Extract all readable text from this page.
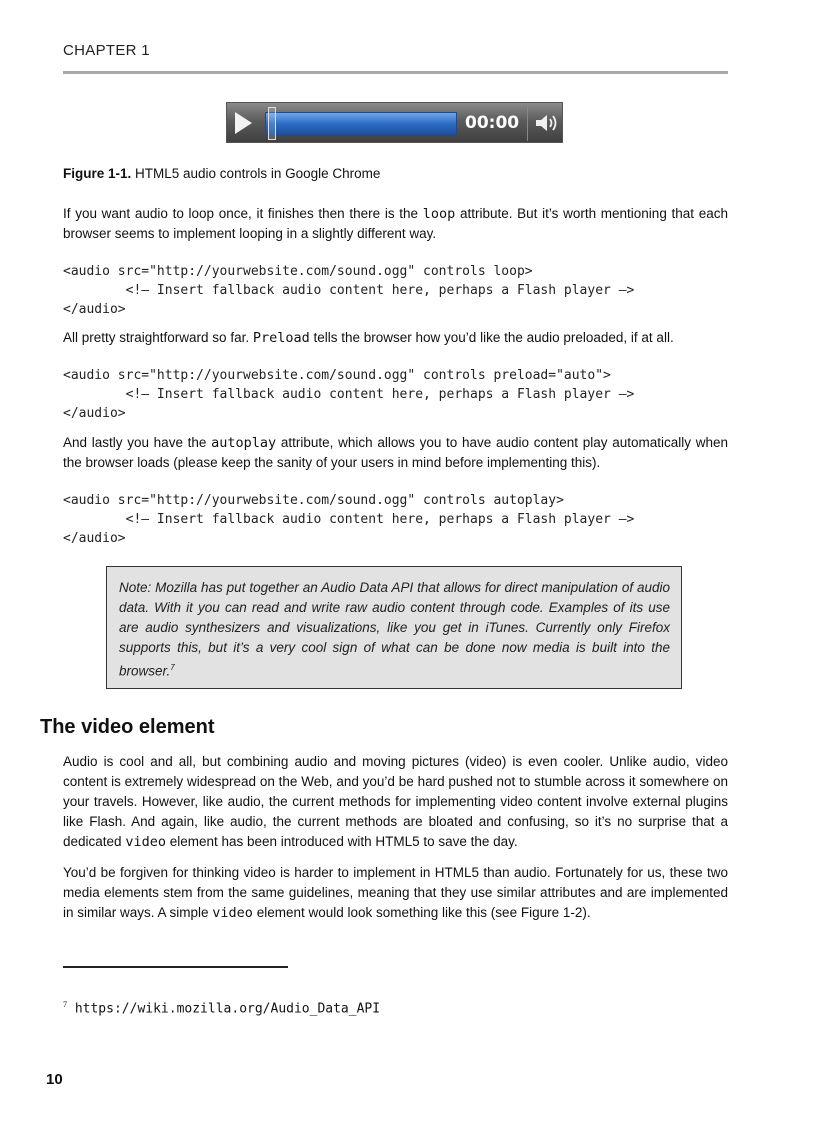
CHAPTER 1
00:00
Figure 1-1. HTML5 audio controls in Google Chrome

If you want audio to loop once, it finishes then there is the loop attribute. But it’s worth mentioning that each browser seems to implement looping in a slightly different way.

<audio src="http://yourwebsite.com/sound.ogg" controls loop>
<!– Insert fallback audio content here, perhaps a Flash player –>
</audio>

All pretty straightforward so far. Preload tells the browser how you’d like the audio preloaded, if at all.

<audio src="http://yourwebsite.com/sound.ogg" controls preload="auto">
<!– Insert fallback audio content here, perhaps a Flash player –>
</audio>

And lastly you have the autoplay attribute, which allows you to have audio content play automatically when the browser loads (please keep the sanity of your users in mind before implementing this).

<audio src="http://yourwebsite.com/sound.ogg" controls autoplay>
<!– Insert fallback audio content here, perhaps a Flash player –>
</audio>

Note: Mozilla has put together an Audio Data API that allows for direct manipulation of audio data. With it you can read and write raw audio content through code. Examples of its use are audio synthesizers and visualizations, like you get in iTunes. Currently only Firefox supports this, but it’s a very cool sign of what can be done now media is built into the browser.$^7$

The video element

Audio is cool and all, but combining audio and moving pictures (video) is even cooler. Unlike audio, video content is extremely widespread on the Web, and you’d be hard pushed not to stumble across it somewhere on your travels. However, like audio, the current methods for implementing video content involve external plugins like Flash. And again, like audio, the current methods are bloated and confusing, so it’s no surprise that a dedicated video element has been introduced with HTML5 to save the day.

You’d be forgiven for thinking video is harder to implement in HTML5 than audio. Fortunately for us, these two media elements stem from the same guidelines, meaning that they use similar attributes and are implemented in similar ways. A simple video element would look something like this (see Figure 1-2).

$^7$ https://wiki.mozilla.org/Audio_Data_API
10
